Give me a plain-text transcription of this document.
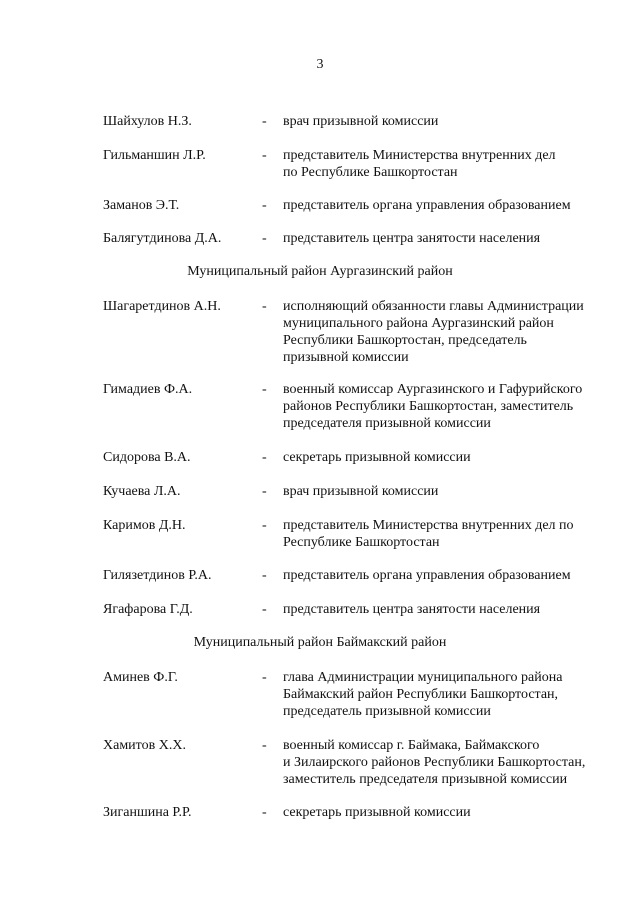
3
Шайхулов Н.З.	- врач призывной комиссии
Гильманшин Л.Р.	- представитель Министерства внутренних дел
по Республике Башкортостан
Заманов Э.Т.	- представитель органа управления образованием
Балягутдинова Д.А.	- представитель центра занятости населения
Муниципальный район Аургазинский район
Шагаретдинов А.Н.	- исполняющий обязанности главы Администрации
муниципального района Аургазинский район
Республики Башкортостан, председатель
призывной комиссии
Гимадиев Ф.А.	- военный комиссар Аургазинского и Гафурийского
районов Республики Башкортостан, заместитель
председателя призывной комиссии
Сидорова В.А.	- секретарь призывной комиссии
Кучаева Л.А.	- врач призывной комиссии
Каримов Д.Н.	- представитель Министерства внутренних дел по
Республике Башкортостан
Гилязетдинов Р.А.	- представитель органа управления образованием
Ягафарова Г.Д.	- представитель центра занятости населения
Муниципальный район Баймакский район
Аминев Ф.Г.	- глава Администрации муниципального района
Баймакский район Республики Башкортостан,
председатель призывной комиссии
Хамитов Х.Х.	- военный комиссар г. Баймака, Баймакского
и Зилаирского районов Республики Башкортостан,
заместитель председателя призывной комиссии
Зиганшина Р.Р.	- секретарь призывной комиссии
